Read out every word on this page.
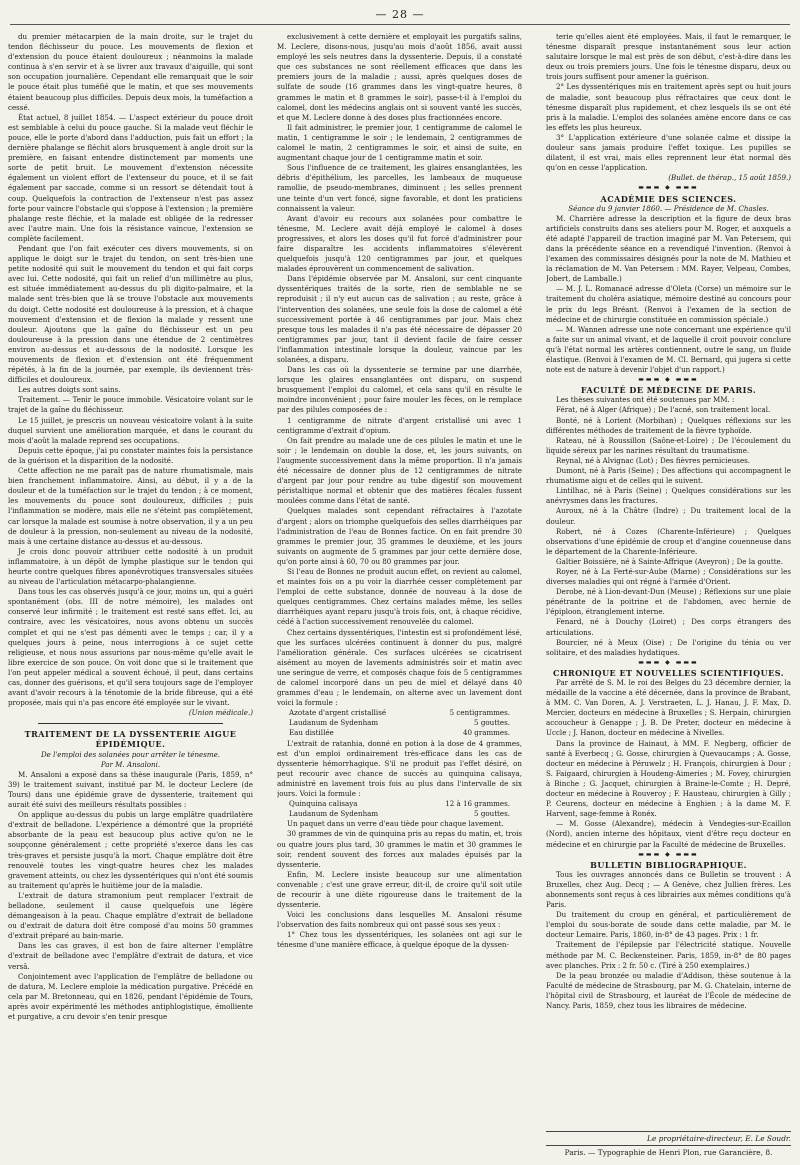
— 28 —

du premier métacarpien de la main droite, sur le trajet du tendon fléchisseur du pouce. Les mouvements de flexion et d'extension du pouce étaient douloureux ; néanmoins la malade continua à s'en servir et à se livrer aux travaux d'aiguille, qui sont son occupation journalière. Cependant elle remarquait que le soir le pouce était plus tuméfié que le matin, et que ses mouvements étaient beaucoup plus difficiles. Depuis deux mois, la tuméfaction a cessé.

État actuel, 8 juillet 1854. — L'aspect extérieur du pouce droit est semblable à celui du pouce gauche. Si la malade veut fléchir le pouce, elle le porte d'abord dans l'adduction, puis fait un effort ; la dernière phalange se fléchit alors brusquement à angle droit sur la première, en faisant entendre distinctement par moments une sorte de petit bruit. Le mouvement d'extension nécessite également un violent effort de l'extenseur du pouce, et il se fait également par saccade, comme si un ressort se détendait tout à coup. Quelquefois la contraction de l'extenseur n'est pas assez forte pour vaincre l'obstacle qui s'oppose à l'extension ; la première phalange reste fléchie, et la malade est obligée de la redresser avec l'autre main. Une fois la résistance vaincue, l'extension se complète facilement.

Pendant que l'on fait exécuter ces divers mouvements, si on applique le doigt sur le trajet du tendon, on sent très-bien une petite nodosité qui suit le mouvement du tendon et qui fait corps avec lui. Cette nodosité, qui fait un relief d'un millimètre au plus, est située immédiatement au-dessus du pli digito-palmaire, et la malade sent très-bien que là se trouve l'obstacle aux mouvements du doigt. Cette nodosité est douloureuse à la pression, et à chaque mouvement d'extension et de flexion la malade y ressent une douleur. Ajoutons que la gaîne du fléchisseur est un peu douloureuse à la pression dans une étendue de 2 centimètres environ au-dessus et au-dessous de la nodosité. Lorsque les mouvements de flexion et d'extension ont été fréquemment répétés, à la fin de la journée, par exemple, ils deviennent très-difficiles et douloureux.

Les autres doigts sont sains.

Traitement. — Tenir le pouce immobile. Vésicatoire volant sur le trajet de la gaîne du fléchisseur.

Le 15 juillet, je prescris un nouveau vésicatoire volant à la suite duquel survient une amélioration marquée, et dans le courant du mois d'août la malade reprend ses occupations.

Depuis cette époque, j'ai pu constater maintes fois la persistance de la guérison et la disparition de la nodosité.

Cette affection ne me paraît pas de nature rhumatismale, mais bien franchement inflammatoire. Ainsi, au début, il y a de la douleur et de la tuméfaction sur le trajet du tendon ; à ce moment, les mouvements du pouce sont douloureux, difficiles ; puis l'inflammation se modère, mais elle ne s'éteint pas complètement, car lorsque la malade est soumise à notre observation, il y a un peu de douleur à la pression, non-seulement au niveau de la nodosité, mais à une certaine distance au-dessus et au-dessous.

Je crois donc pouvoir attribuer cette nodosité à un produit inflammatoire, à un dépôt de lymphe plastique sur le tendon qui heurte contre quelques fibres aponévrotiques transversales situées au niveau de l'articulation métacarpo-phalangienne.

Dans tous les cas observés jusqu'à ce jour, moins un, qui a guéri spontanément (obs. III de notre mémoire), les malades ont conservé leur infirmité ; le traitement est resté sans effet. Ici, au contraire, avec les vésicatoires, nous avons obtenu un succès complet et qui ne s'est pas démenti avec le temps ; car, il y a quelques jours à peine, nous interrogions à ce sujet cette religieuse, et nous nous assurions par nous-même qu'elle avait le libre exercice de son pouce. On voit donc que si le traitement que l'on peut appeler médical a souvent échoué, il peut, dans certains cas, donner des guérisons, et qu'il sera toujours sage de l'employer avant d'avoir recours à la ténotomie de la bride fibreuse, qui a été proposée, mais qui n'a pas encore été employée sur le vivant.

(Union médicale.)

TRAITEMENT DE LA DYSSENTERIE AIGUE ÉPIDÉMIQUE.

De l'emploi des solanées pour arrêter le ténesme.

Par M. Ansaloni.

M. Ansaloni a exposé dans sa thèse inaugurale (Paris, 1859, n° 39) le traitement suivant, institué par M. le docteur Leclere (de Tours) dans une épidémie grave de dyssenterie, traitement qui aurait été suivi des meilleurs résultats possibles :

On applique au-dessus du pubis un large emplâtre quadrilatère d'extrait de belladone. L'expérience a démontré que la propriété absorbante de la peau est beaucoup plus active qu'on ne le soupçonne généralement ; cette propriété s'exerce dans les cas très-graves et persiste jusqu'à la mort. Chaque emplâtre doit être renouvelé toutes les vingt-quatre heures chez les malades gravement atteints, ou chez les dyssentériques qui n'ont été soumis au traitement qu'après le huitième jour de la maladie.

L'extrait de datura stramonium peut remplacer l'extrait de belladone, seulement il cause quelquefois une légère démangeaison à la peau. Chaque emplâtre d'extrait de belladone ou d'extrait de datura doit être composé d'au moins 50 grammes d'extrait préparé au bain-marie.

Dans les cas graves, il est bon de faire alterner l'emplâtre d'extrait de belladone avec l'emplâtre d'extrait de datura, et vice versâ.

Conjointement avec l'application de l'emplâtre de belladone ou de datura, M. Leclere emploie la médication purgative. Précédé en cela par M. Bretonneau, qui en 1826, pendant l'épidémie de Tours, après avoir expérimenté les méthodes antiphlogistique, émolliente et purgative, a cru devoir s'en tenir presque

exclusivement à cette dernière et employait les purgatifs salins, M. Leclere, disons-nous, jusqu'au mois d'août 1856, avait aussi employé les sels neutres dans la dyssenterie. Depuis, il a constaté que ces substances ne sont réellement efficaces que dans les premiers jours de la maladie ; aussi, après quelques doses de sulfate de soude (16 grammes dans les vingt-quatre heures, 8 grammes le matin et 8 grammes le soir), passe-t-il à l'emploi du calomel, dont les médecins anglais ont si souvent vanté les succès, et que M. Leclere donne à des doses plus fractionnées encore.

Il fait administrer, le premier jour, 1 centigramme de calomel le matin, 1 centigramme le soir ; le lendemain, 2 centigrammes de calomel le matin, 2 centigrammes le soir, et ainsi de suite, en augmentant chaque jour de 1 centigramme matin et soir.

Sous l'influence de ce traitement, les glaires ensanglantées, les débris d'épithélium, les parcelles, les lambeaux de muqueuse ramollie, de pseudo-membranes, diminuent ; les selles prennent une teinte d'un vert foncé, signe favorable, et dont les praticiens connaissent la valeur.

Avant d'avoir eu recours aux solanées pour combattre le ténesme, M. Leclere avait déjà employé le calomel à doses progressives, et alors les doses qu'il fut forcé d'administrer pour faire disparaître les accidents inflammatoires s'élevèrent quelquefois jusqu'à 120 centigrammes par jour, et quelques malades éprouvèrent un commencement de salivation.

Dans l'épidémie observée par M. Ansaloni, sur cent cinquante dyssentériques traités de la sorte, rien de semblable ne se reproduisit ; il n'y eut aucun cas de salivation ; au reste, grâce à l'intervention des solanées, une seule fois la dose de calomel a été successivement portée à 46 centigrammes par jour. Mais chez presque tous les malades il n'a pas été nécessaire de dépasser 20 centigrammes par jour, tant il devient facile de faire cesser l'inflammation intestinale lorsque la douleur, vaincue par les solanées, a disparu.

Dans les cas où la dyssenterie se termine par une diarrhée, lorsque les glaires ensanglantées ont disparu, on suspend brusquement l'emploi du calomel, et cela sans qu'il en résulte le moindre inconvénient ; pour faire mouler les fèces, on le remplace par des pilules composées de :

1 centigramme de nitrate d'argent cristallisé uni avec 1 centigramme d'extrait d'opium.

On fait prendre au malade une de ces pilules le matin et une le soir ; le lendemain on double la dose, et, les jours suivants, on l'augmente successivement dans la même proportion. Il n'a jamais été nécessaire de donner plus de 12 centigrammes de nitrate d'argent par jour pour rendre au tube digestif son mouvement péristaltique normal et obtenir que des matières fécales fussent moulées comme dans l'état de santé.

Quelques malades sont cependant réfractaires à l'azotate d'argent ; alors on triomphe quelquefois des selles diarrhéiques par l'administration de l'eau de Bonnes factice. On en fait prendre 30 grammes le premier jour, 35 grammes le deuxième, et les jours suivants on augmente de 5 grammes par jour cette dernière dose, qu'on porte ainsi à 60, 70 ou 80 grammes par jour.

Si l'eau de Bonnes ne produit aucun effet, on revient au calomel, et maintes fois on a pu voir la diarrhée cesser complètement par l'emploi de cette substance, donnée de nouveau à la dose de quelques centigrammes. Chez certains malades même, les selles diarrhéiques ayant reparu jusqu'à trois fois, ont, à chaque récidive, cédé à l'action successivement renouvelée du calomel.

Chez certains dyssentériques, l'intestin est si profondément lésé, que les surfaces ulcérées continuent à donner du pus, malgré l'amélioration générale. Ces surfaces ulcérées se cicatrisent aisément au moyen de lavements administrés soir et matin avec une seringue de verre, et composés chaque fois de 5 centigrammes de calomel incorporé dans un peu de miel et délayé dans 40 grammes d'eau ; le lendemain, on alterne avec un lavement dont voici la formule :

Azotate d'argent cristallisé	5 centigrammes.
Laudanum de Sydenham	5 gouttes.
Eau distillée	40 grammes.

L'extrait de ratanhia, donné en potion à la dose de 4 grammes, est d'un emploi ordinairement très-efficace dans les cas de dyssenterie hémorrhagique. S'il ne produit pas l'effet désiré, on peut recourir avec chance de succès au quinquina calisaya, administré en lavement trois fois au plus dans l'intervalle de six jours. Voici la formule :

Quinquina calisaya	12 à 16 grammes.
Laudanum de Sydenham	5 gouttes.

Un paquet dans un verre d'eau tiède pour chaque lavement.

30 grammes de vin de quinquina pris au repas du matin, et, trois ou quatre jours plus tard, 30 grammes le matin et 30 grammes le soir, rendent souvent des forces aux malades épuisés par la dyssenterie.

Enfin, M. Leclere insiste beaucoup sur une alimentation convenable ; c'est une grave erreur, dit-il, de croire qu'il soit utile de recourir à une diète rigoureuse dans le traitement de la dyssenterie.

Voici les conclusions dans lesquelles M. Ansaloni résume l'observation des faits nombreux qui ont passé sous ses yeux :

1° Chez tous les dyssentériques, les solanées ont agi sur le ténesme d'une manière efficace, à quelque époque de la dyssen-

terie qu'elles aient été employées. Mais, il faut le remarquer, le ténesme disparaît presque instantanément sous leur action salutaire lorsque le mal est près de son début, c'est-à-dire dans les deux ou trois premiers jours. Une fois le ténesme disparu, deux ou trois jours suffisent pour amener la guérison.

2° Les dyssentériques mis en traitement après sept ou huit jours de maladie, sont beaucoup plus réfractaires que ceux dont le ténesme disparaît plus rapidement, et chez lesquels ils se ont été pris à la maladie. L'emploi des solanées amène encore dans ce cas les effets les plus heureux.

3° L'application extérieure d'une solanée calme et dissipe la douleur sans jamais produire l'effet toxique. Les pupilles se dilatent, il est vrai, mais elles reprennent leur état normal dès qu'on en cesse l'application.

(Bullet. de thérap., 15 août 1859.)

▬▬▬ ◆ ▬▬▬

ACADÉMIE DES SCIENCES.

Séance du 9 janvier 1860. — Présidence de M. Chasles.

M. Charrière adresse la description et la figure de deux bras artificiels construits dans ses ateliers pour M. Roger, et auxquels a été adapté l'appareil de traction imaginé par M. Van Petersem, qui dans la précédente séance en a revendiqué l'invention. (Renvoi à l'examen des commissaires désignés pour la note de M. Mathieu et la réclamation de M. Van Petersem : MM. Rayer, Velpeau, Combes, Jobert, de Lamballe.)

— M. J. L. Romanacé adresse d'Oleta (Corse) un mémoire sur le traitement du choléra asiatique, mémoire destiné au concours pour le prix du legs Bréant. (Renvoi à l'examen de la section de médecine et de chirurgie constituée en commission spéciale.)

— M. Wannen adresse une note concernant une expérience qu'il a faite sur un animal vivant, et de laquelle il croit pouvoir conclure qu'à l'état normal les artères contiennent, outre le sang, un fluide élastique. (Renvoi à l'examen de M. Cl. Bernard, qui jugera si cette note est de nature à devenir l'objet d'un rapport.)

▬▬▬ ◆ ▬▬▬

FACULTÉ DE MÉDECINE DE PARIS.

Les thèses suivantes ont été soutenues par MM. :

Férat, né à Alger (Afrique) ; De l'acné, son traitement local.

Bonté, né à Lorient (Morbihan) ; Quelques réflexions sur les différentes méthodes de traitement de la fièvre typhoïde.

Rateau, né à Roussillon (Saône-et-Loire) ; De l'écoulement du liquide séreux par les narines résultant du traumatisme.

Reynal, né à Alvignac (Lot) ; Des fièvres pernicieuses.

Dumont, né à Paris (Seine) ; Des affections qui accompagnent le rhumatisme aigu et de celles qui le suivent.

Lintilhac, né à Paris (Seine) ; Quelques considérations sur les anévrysmes dans les fractures.

Auroux, né à la Châtre (Indre) ; Du traitement local de la douleur.

Robert, né à Cozes (Charente-Inférieure) ; Quelques observations d'une épidémie de croup et d'angine couenneuse dans le département de la Charente-Inférieure.

Galtier Boissière, né à Sainte-Affrique (Aveyron) ; De la goutte.

Royer, né à La Ferté-sur-Aube (Marne) ; Considérations sur les diverses maladies qui ont régné à l'armée d'Orient.

Derobe, né à Lion-devant-Dun (Meuse) ; Réflexions sur une plaie pénétrante de la poitrine et de l'abdomen, avec hernie de l'épiploon, étranglement interne.

Fenard, né à Douchy (Loiret) ; Des corps étrangers des articulations.

Bourcier, né à Meux (Oise) ; De l'origine du ténia ou ver solitaire, et des maladies hydatiques.

▬▬▬ ◆ ▬▬▬

CHRONIQUE ET NOUVELLES SCIENTIFIQUES.

Par arrêté de S. M. le roi des Belges du 23 décembre dernier, la médaille de la vaccine a été décernée, dans la province de Brabant, à MM. C. Van Doren, A. J. Verstraeten, L. J. Hanau, J. F. Max, D. Mercier, docteurs en médecine à Bruxelles ; S. Herpain, chirurgien accoucheur à Genappe ; J. B. De Preter, docteur en médecine à Uccle ; J. Hanon, docteur en médecine à Nivelles.

Dans la province de Hainaut, à MM. F. Negberg, officier de santé à Everbecq ; G. Gosse, chirurgien à Quevaucamps ; A. Gosse, docteur en médecine à Péruwelz ; H. François, chirurgien à Dour ; S. Faigaard, chirurgien à Houdeng-Aimeries ; M. Fovey, chirurgien à Binche ; G. Jacquet, chirurgien à Braine-le-Comte ; H. Depré, docteur en médecine à Rouveroy ; F. Hausteau, chirurgien à Gilly ; P. Ceurens, docteur en médecine à Enghien ; à la dame M. F. Harvent, sage-femme à Ronéx.

— M. Gosse (Alexandre), médecin à Vendegies-sur-Ecaillon (Nord), ancien interne des hôpitaux, vient d'être reçu docteur en médecine et en chirurgie par la Faculté de médecine de Bruxelles.

▬▬▬ ◆ ▬▬▬

BULLETIN BIBLIOGRAPHIQUE.

Tous les ouvrages annoncés dans ce Bulletin se trouvent : A Bruxelles, chez Aug. Decq ; — A Genève, chez Jullien frères. Les abonnements sont reçus à ces librairies aux mêmes conditions qu'à Paris.

Du traitement du croup en général, et particulièrement de l'emploi du sous-borate de soude dans cette maladie, par M. le docteur Lemaire. Paris, 1860, in-8° de 43 pages. Prix : 1 fr.

Traitement de l'épilepsie par l'électricité statique. Nouvelle méthode par M. C. Beckensteiner. Paris, 1859, in-8° de 80 pages avec planches. Prix : 2 fr. 50 c. (Tiré à 250 exemplaires.)

De la peau bronzée ou maladie d'Addison, thèse soutenue à la Faculté de médecine de Strasbourg, par M. G. Chatelain, interne de l'hôpital civil de Strasbourg, et lauréat de l'École de médecine de Nancy. Paris, 1859, chez tous les libraires de médecine.

Le propriétaire-directeur, E. Le Soudr.
Paris. — Typographie de Henri Plon, rue Garancière, 8.
